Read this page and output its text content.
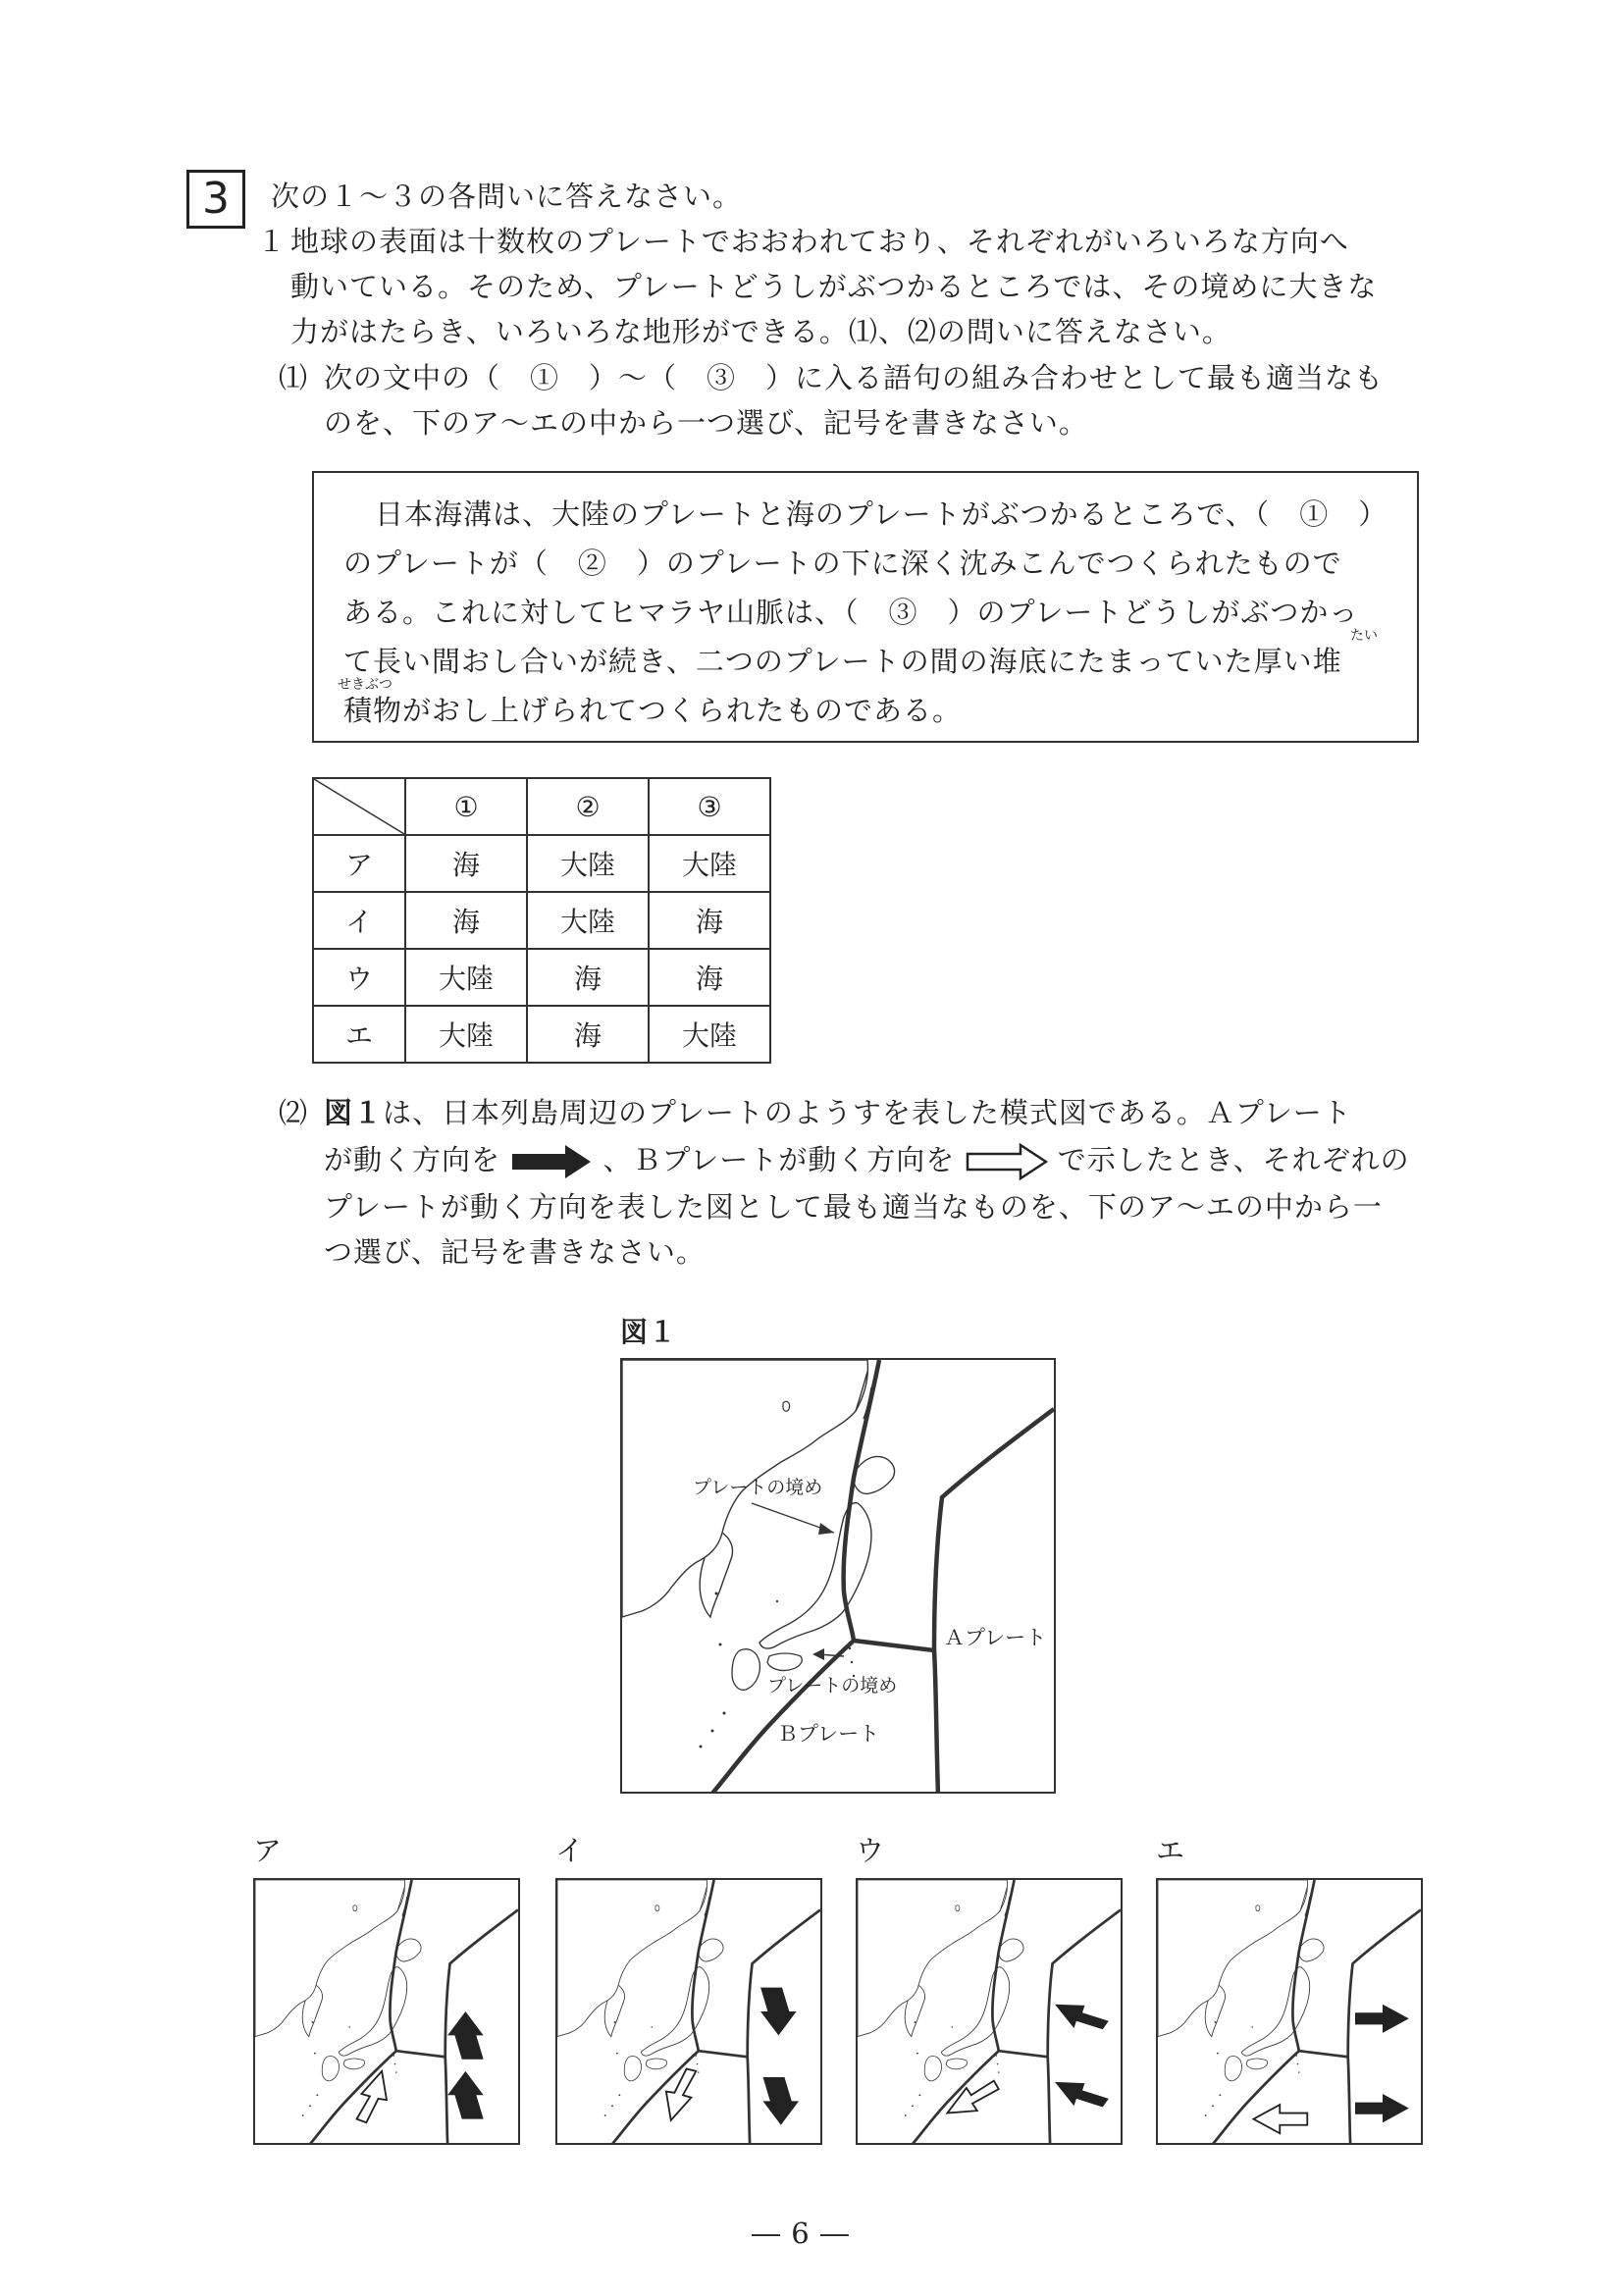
3	次の１～３の各問いに答えなさい。
１ 地球の表面は十数枚のプレートでおおわれており、それぞれがいろいろな方向へ
動いている。そのため、プレートどうしがぶつかるところでは、その境めに大きな
力がはたらき、いろいろな地形ができる。⑴、⑵の問いに答えなさい。
⑴ 次の文中の（　①　）～（　③　）に入る語句の組み合わせとして最も適当なも
のを、下のア～エの中から一つ選び、記号を書きなさい。
日本海溝は、大陸のプレートと海のプレートがぶつかるところで、（　①　）
のプレートが（　②　）のプレートの下に深く沈みこんでつくられたもので
ある。これに対してヒマラヤ山脈は、（　③　）のプレートどうしがぶつかっ
たい
て長い間おし合いが続き、二つのプレートの間の海底にたまっていた厚い堆
せきぶつ
積物がおし上げられてつくられたものである。
	①	②	③
ア	海	大陸	大陸
イ	海	大陸	海
ウ	大陸	海	海
エ	大陸	海	大陸
⑵ 図１は、日本列島周辺のプレートのようすを表した模式図である。Ａプレート
が動く方向を	、Ｂプレートが動く方向を	で示したとき、それぞれの
プレートが動く方向を表した図として最も適当なものを、下のア～エの中から一
つ選び、記号を書きなさい。
図１
プレートの境め
プレートの境め
Ａプレート
Ｂプレート
ア	イ	ウ	エ
― 6 ―
